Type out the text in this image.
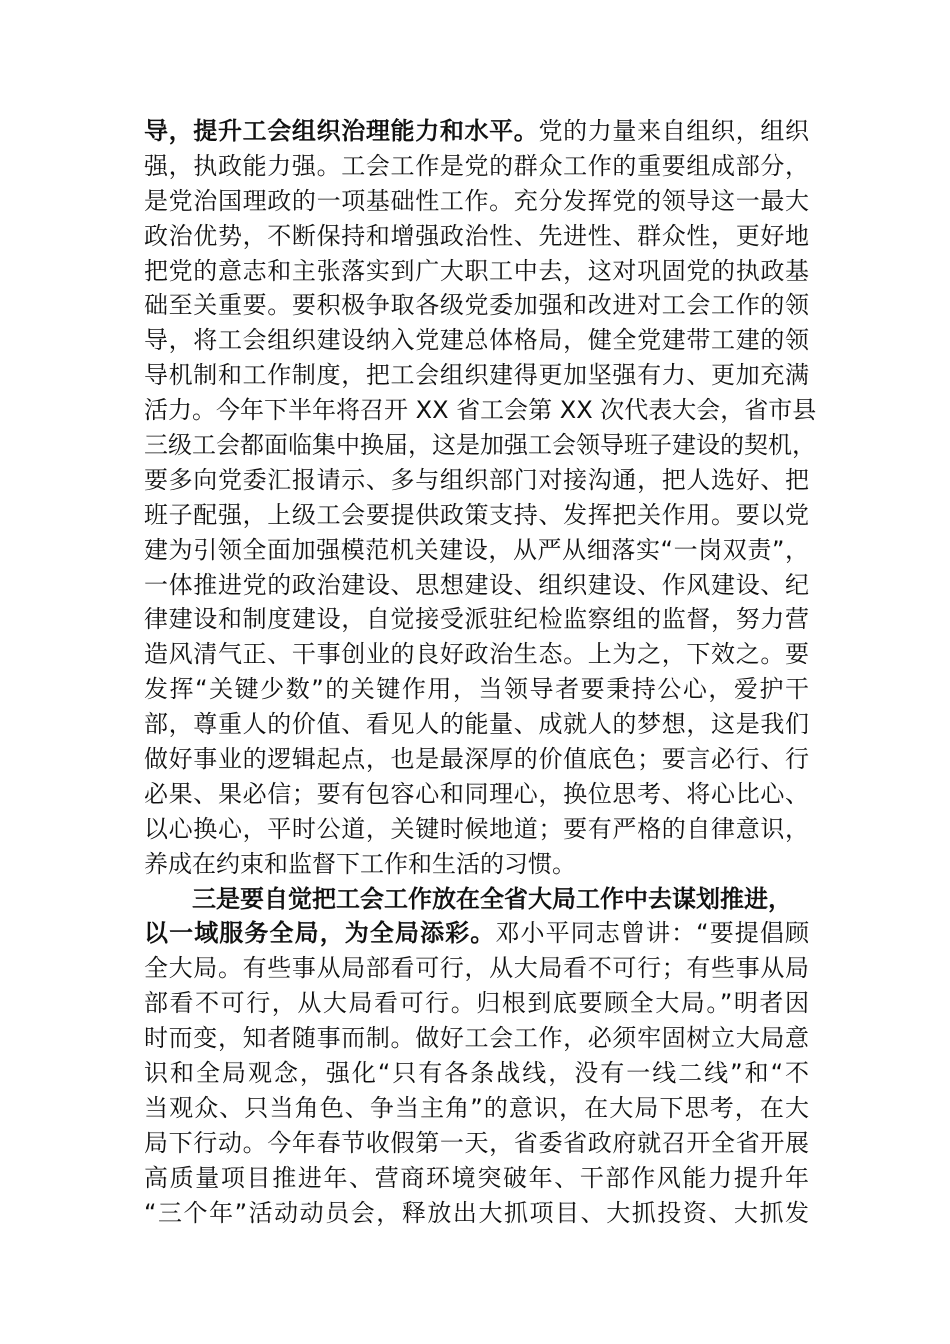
导，提升工会组织治理能力和水平。党的力量来自组织，组织
强，执政能力强。工会工作是党的群众工作的重要组成部分，
是党治国理政的一项基础性工作。充分发挥党的领导这一最大
政治优势，不断保持和增强政治性、先进性、群众性，更好地
把党的意志和主张落实到广大职工中去，这对巩固党的执政基
础至关重要。要积极争取各级党委加强和改进对工会工作的领
导，将工会组织建设纳入党建总体格局，健全党建带工建的领
导机制和工作制度，把工会组织建得更加坚强有力、更加充满
活力。今年下半年将召开 XX 省工会第 XX 次代表大会，省市县
三级工会都面临集中换届，这是加强工会领导班子建设的契机，
要多向党委汇报请示、多与组织部门对接沟通，把人选好、把
班子配强，上级工会要提供政策支持、发挥把关作用。要以党
建为引领全面加强模范机关建设，从严从细落实“一岗双责”，
一体推进党的政治建设、思想建设、组织建设、作风建设、纪
律建设和制度建设，自觉接受派驻纪检监察组的监督，努力营
造风清气正、干事创业的良好政治生态。上为之，下效之。要
发挥“关键少数”的关键作用，当领导者要秉持公心，爱护干
部，尊重人的价值、看见人的能量、成就人的梦想，这是我们
做好事业的逻辑起点，也是最深厚的价值底色；要言必行、行
必果、果必信；要有包容心和同理心，换位思考、将心比心、
以心换心，平时公道，关键时候地道；要有严格的自律意识，
养成在约束和监督下工作和生活的习惯。
三是要自觉把工会工作放在全省大局工作中去谋划推进，
以一域服务全局，为全局添彩。邓小平同志曾讲：“要提倡顾
全大局。有些事从局部看可行，从大局看不可行；有些事从局
部看不可行，从大局看可行。归根到底要顾全大局。”明者因
时而变，知者随事而制。做好工会工作，必须牢固树立大局意
识和全局观念，强化“只有各条战线，没有一线二线”和“不
当观众、只当角色、争当主角”的意识，在大局下思考，在大
局下行动。今年春节收假第一天，省委省政府就召开全省开展
高质量项目推进年、营商环境突破年、干部作风能力提升年
“三个年”活动动员会，释放出大抓项目、大抓投资、大抓发
